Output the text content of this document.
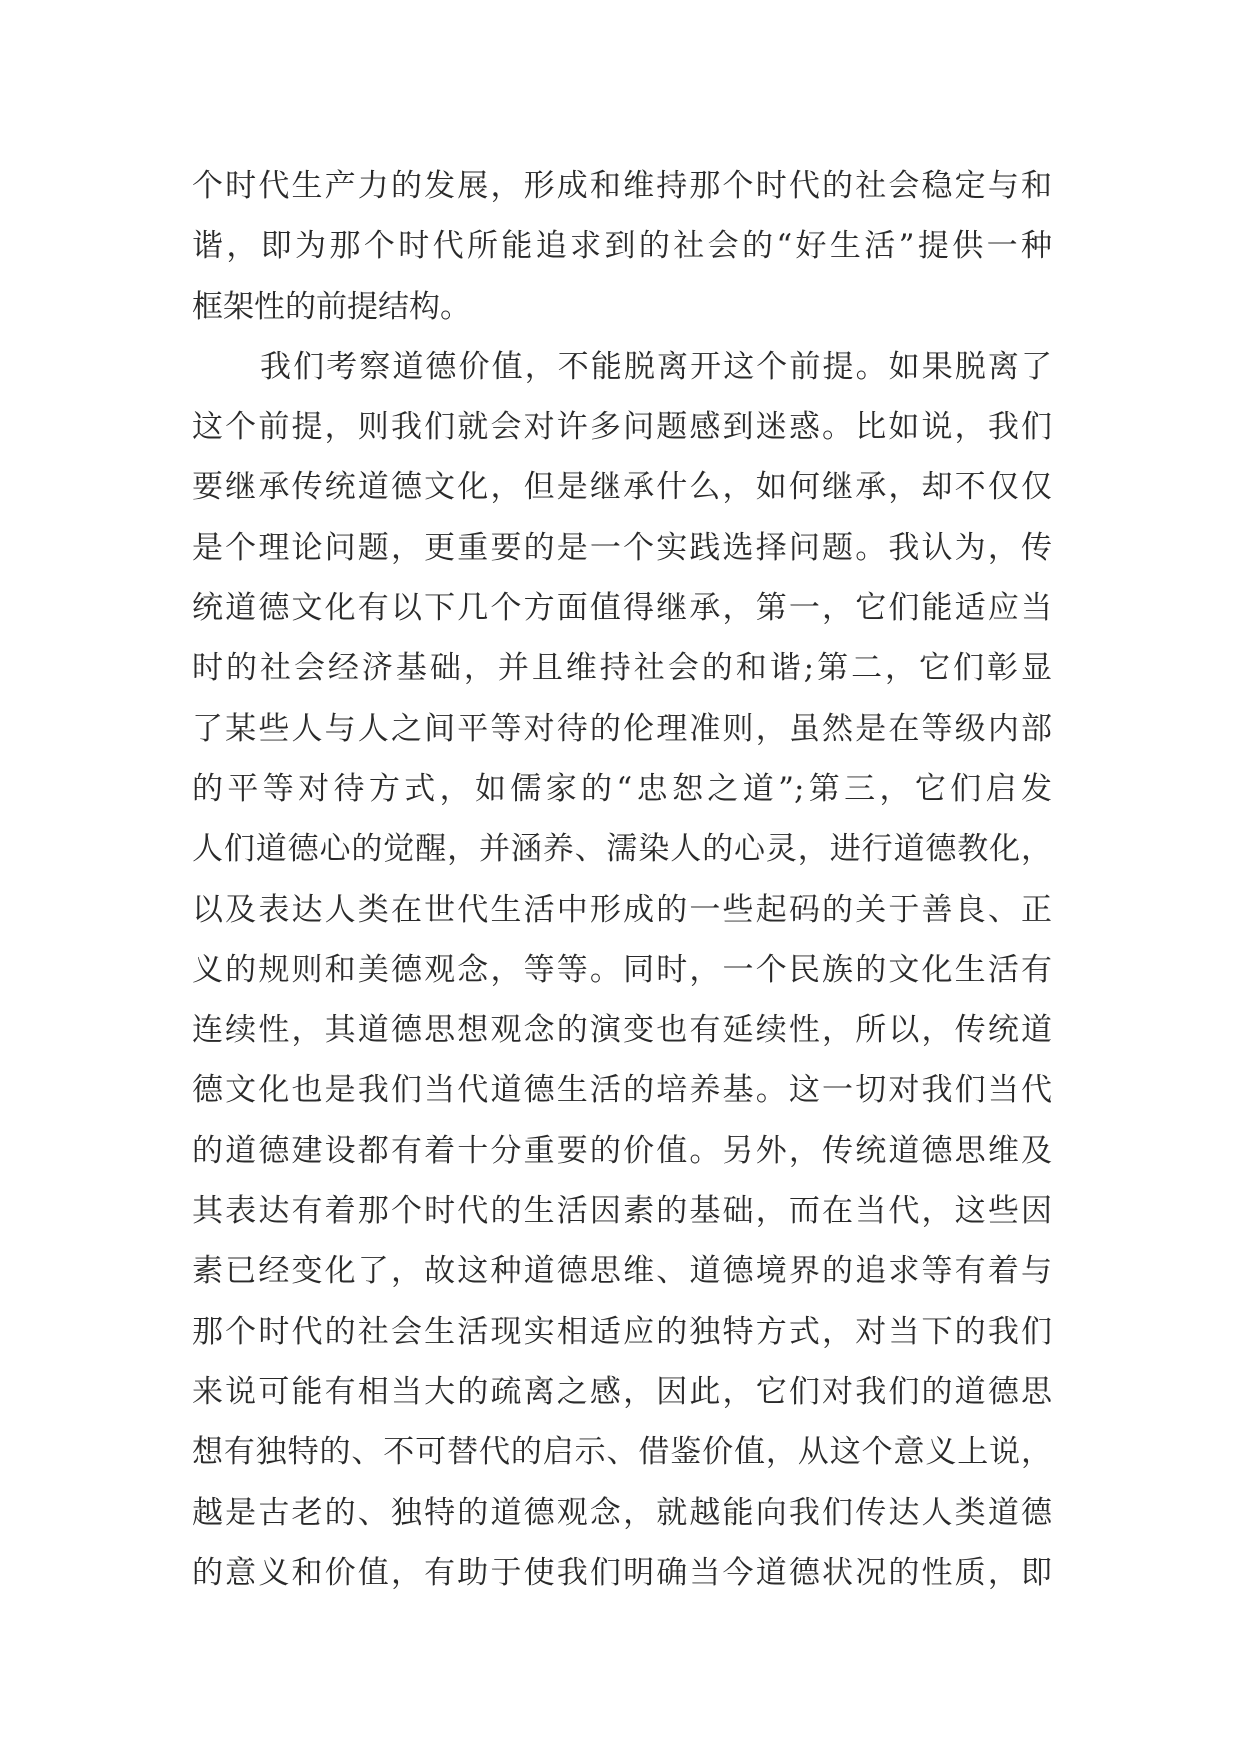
个时代生产力的发展，形成和维持那个时代的社会稳定与和
谐，即为那个时代所能追求到的社会的“好生活”提供一种
框架性的前提结构。
我们考察道德价值，不能脱离开这个前提。如果脱离了
这个前提，则我们就会对许多问题感到迷惑。比如说，我们
要继承传统道德文化，但是继承什么，如何继承，却不仅仅
是个理论问题，更重要的是一个实践选择问题。我认为，传
统道德文化有以下几个方面值得继承，第一，它们能适应当
时的社会经济基础，并且维持社会的和谐;第二，它们彰显
了某些人与人之间平等对待的伦理准则，虽然是在等级内部
的平等对待方式，如儒家的“忠恕之道”;第三，它们启发
人们道德心的觉醒，并涵养、濡染人的心灵，进行道德教化，
以及表达人类在世代生活中形成的一些起码的关于善良、正
义的规则和美德观念，等等。同时，一个民族的文化生活有
连续性，其道德思想观念的演变也有延续性，所以，传统道
德文化也是我们当代道德生活的培养基。这一切对我们当代
的道德建设都有着十分重要的价值。另外，传统道德思维及
其表达有着那个时代的生活因素的基础，而在当代，这些因
素已经变化了，故这种道德思维、道德境界的追求等有着与
那个时代的社会生活现实相适应的独特方式，对当下的我们
来说可能有相当大的疏离之感，因此，它们对我们的道德思
想有独特的、不可替代的启示、借鉴价值，从这个意义上说，
越是古老的、独特的道德观念，就越能向我们传达人类道德
的意义和价值，有助于使我们明确当今道德状况的性质，即
